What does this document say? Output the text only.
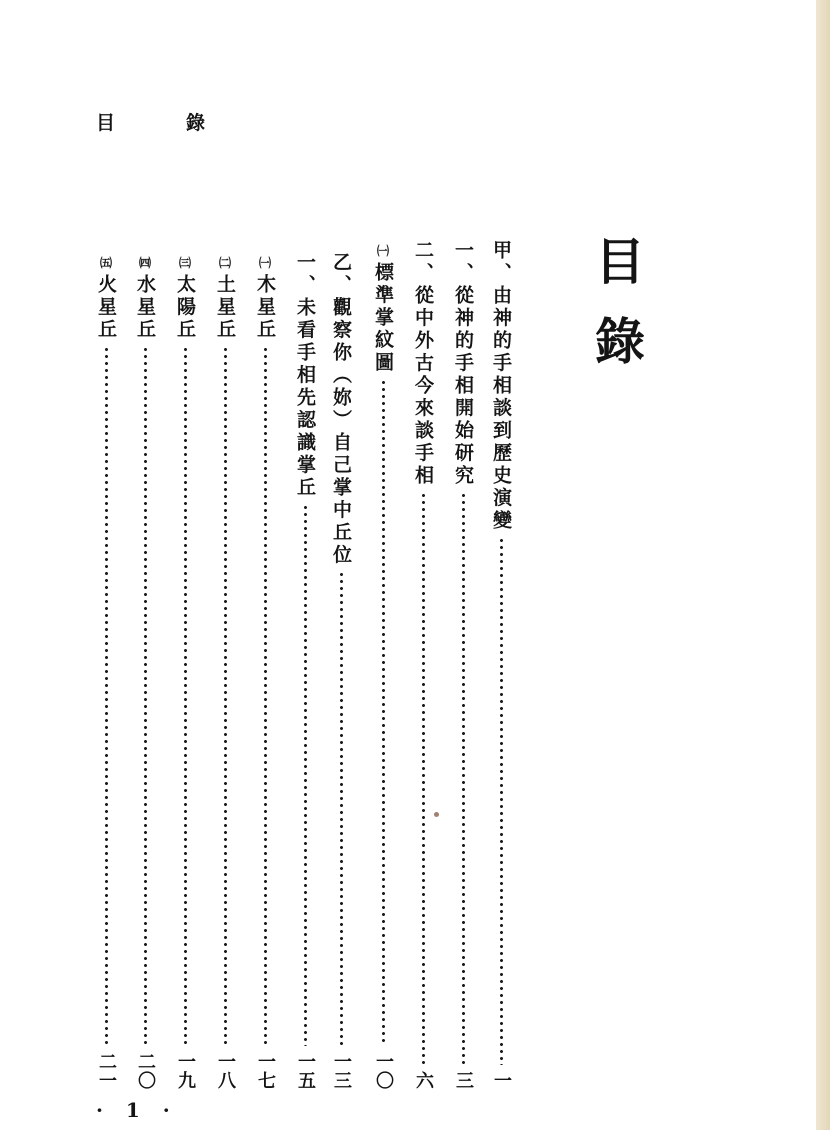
目　錄
目
錄
甲、由神的手相談到歷史演變
一
一、從神的手相開始研究
三
二、從中外古今來談手相
六
㈠
標準掌紋圖
一〇
乙、觀察你（妳）自己掌中丘位
一三
一、未看手相先認識掌丘
一五
㈠
木星丘
一七
㈡
土星丘
一八
㈢
太陽丘
一九
㈣
水星丘
二〇
㈤
火星丘
二一
· 1 ·
